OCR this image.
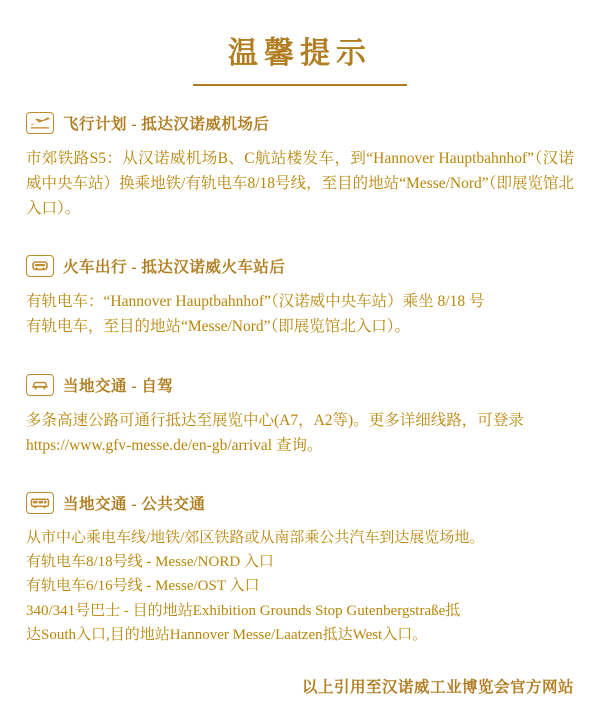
温馨提示
飞行计划 - 抵达汉诺威机场后
市郊铁路S5：从汉诺威机场B、C航站楼发车，到“Hannover Hauptbahnhof”（汉诺威中央车站）换乘地铁/有轨电车8/18号线，至目的地站“Messe/Nord”（即展览馆北入口）。
火车出行 - 抵达汉诺威火车站后
有轨电车：“Hannover Hauptbahnhof”（汉诺威中央车站）乘坐 8/18 号
有轨电车，至目的地站“Messe/Nord”（即展览馆北入口）。
当地交通 - 自驾
多条高速公路可通行抵达至展览中心(A7，A2等)。更多详细线路，可登录
https://www.gfv-messe.de/en-gb/arrival 查询。
当地交通 - 公共交通
从市中心乘电车线/地铁/郊区铁路或从南部乘公共汽车到达展览场地。
有轨电车8/18号线 - Messe/NORD 入口
有轨电车6/16号线 - Messe/OST 入口
340/341号巴士 - 目的地站Exhibition Grounds Stop Gutenbergstraße抵
达South入口,目的地站Hannover Messe/Laatzen抵达West入口。
以上引用至汉诺威工业博览会官方网站
